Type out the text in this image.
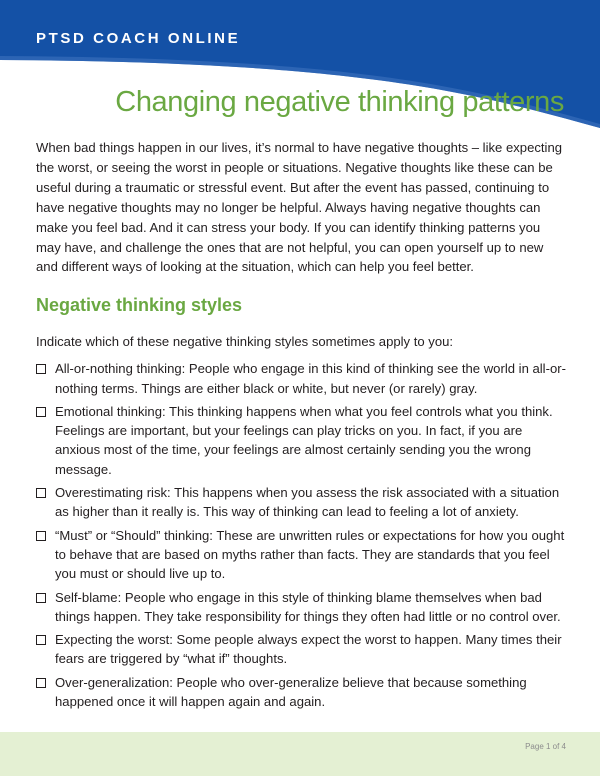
PTSD COACH ONLINE
Changing negative thinking patterns

When bad things happen in our lives, it’s normal to have negative thoughts – like expecting the worst, or seeing the worst in people or situations. Negative thoughts like these can be useful during a traumatic or stressful event. But after the event has passed, continuing to have negative thoughts may no longer be helpful. Always having negative thoughts can make you feel bad. And it can stress your body. If you can identify thinking patterns you may have, and challenge the ones that are not helpful, you can open yourself up to new and different ways of looking at the situation, which can help you feel better.

Negative thinking styles

Indicate which of these negative thinking styles sometimes apply to you:

All-or-nothing thinking: People who engage in this kind of thinking see the world in all-or-nothing terms. Things are either black or white, but never (or rarely) gray.
Emotional thinking: This thinking happens when what you feel controls what you think. Feelings are important, but your feelings can play tricks on you. In fact, if you are anxious most of the time, your feelings are almost certainly sending you the wrong message.
Overestimating risk: This happens when you assess the risk associated with a situation as higher than it really is. This way of thinking can lead to feeling a lot of anxiety.
“Must” or “Should” thinking: These are unwritten rules or expectations for how you ought to behave that are based on myths rather than facts. They are standards that you feel you must or should live up to.
Self-blame: People who engage in this style of thinking blame themselves when bad things happen. They take responsibility for things they often had little or no control over.
Expecting the worst: Some people always expect the worst to happen. Many times their fears are triggered by “what if” thoughts.
Over-generalization: People who over-generalize believe that because something happened once it will happen again and again.
Page 1 of 4
